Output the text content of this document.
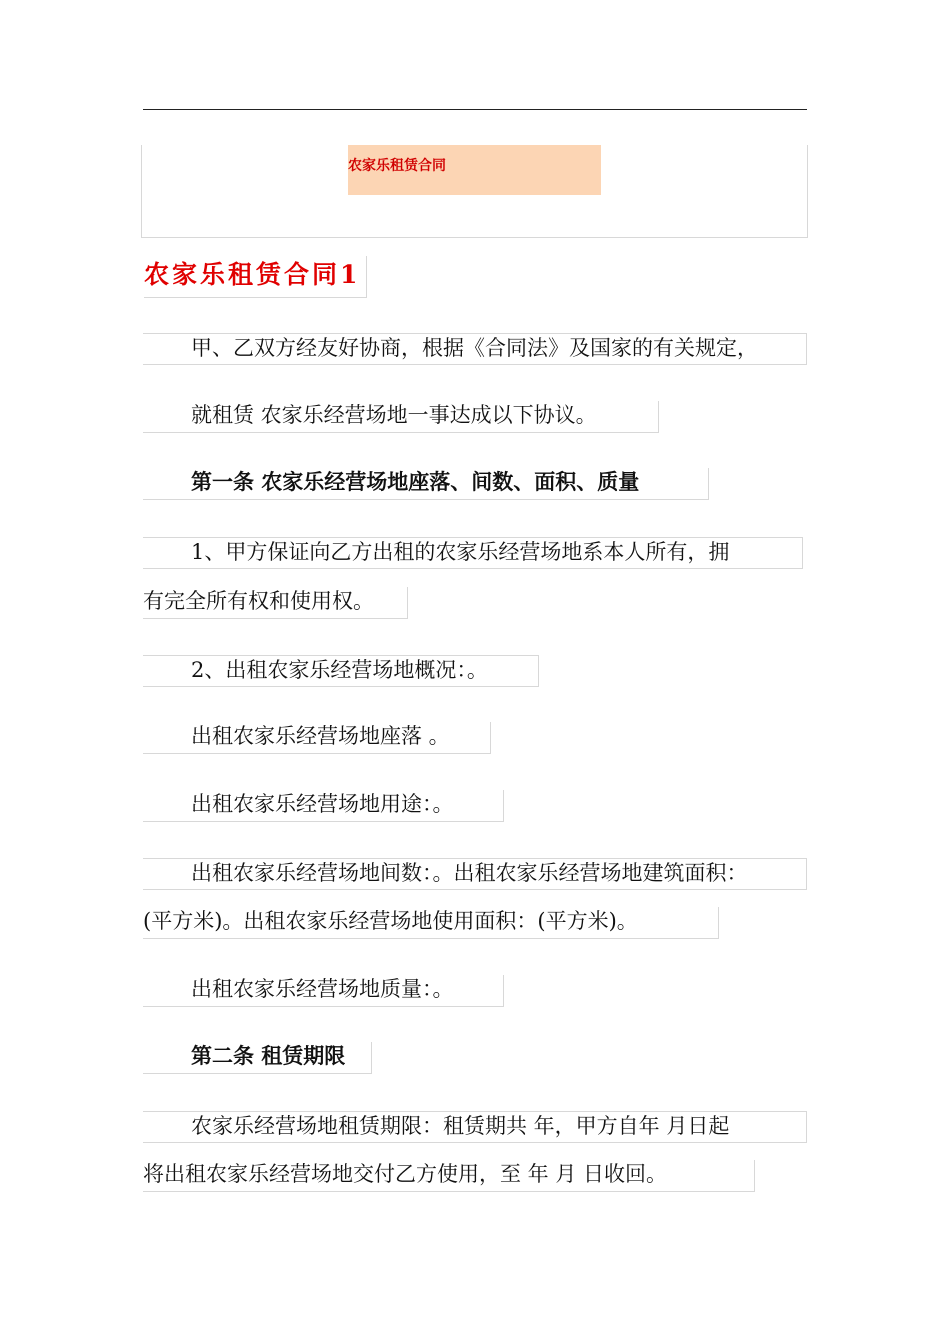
农家乐租赁合同
农家乐租赁合同1
甲、乙双方经友好协商，根据《合同法》及国家的有关规定，
就租赁 农家乐经营场地一事达成以下协议。
第一条 农家乐经营场地座落、间数、面积、质量
1、甲方保证向乙方出租的农家乐经营场地系本人所有，拥
有完全所有权和使用权。
2、出租农家乐经营场地概况：。
出租农家乐经营场地座落 。
出租农家乐经营场地用途：。
出租农家乐经营场地间数：。出租农家乐经营场地建筑面积：
(平方米)。出租农家乐经营场地使用面积：(平方米)。
出租农家乐经营场地质量：。
第二条 租赁期限
农家乐经营场地租赁期限：租赁期共 年，甲方自年 月日起
将出租农家乐经营场地交付乙方使用，至 年 月 日收回。
